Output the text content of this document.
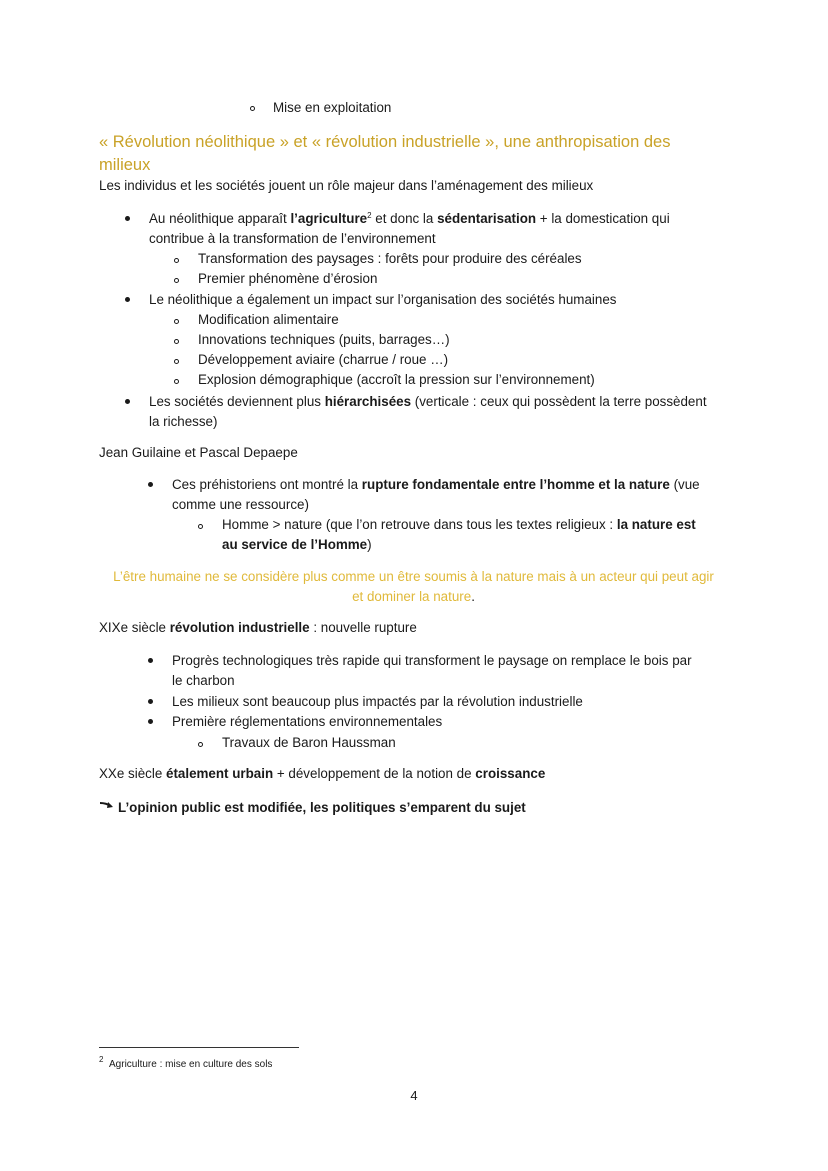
Mise en exploitation
« Révolution néolithique » et « révolution industrielle », une anthropisation des
milieux
Les individus et les sociétés jouent un rôle majeur dans l’aménagement des milieux
Au néolithique apparaît l’agriculture$^2$ et donc la sédentarisation + la domestication qui
contribue à la transformation de l’environnement
Transformation des paysages : forêts pour produire des céréales
Premier phénomène d’érosion
Le néolithique a également un impact sur l’organisation des sociétés humaines
Modification alimentaire
Innovations techniques (puits, barrages…)
Développement aviaire (charrue / roue …)
Explosion démographique (accroît la pression sur l’environnement)
Les sociétés deviennent plus hiérarchisées (verticale : ceux qui possèdent la terre possèdent
la richesse)
Jean Guilaine et Pascal Depaepe
Ces préhistoriens ont montré la rupture fondamentale entre l’homme et la nature (vue
comme une ressource)
Homme > nature (que l’on retrouve dans tous les textes religieux : la nature est
au service de l’Homme)
L’être humaine ne se considère plus comme un être soumis à la nature mais à un acteur qui peut agir
et dominer la nature.
XIXe siècle révolution industrielle : nouvelle rupture
Progrès technologiques très rapide qui transforment le paysage on remplace le bois par
le charbon
Les milieux sont beaucoup plus impactés par la révolution industrielle
Première réglementations environnementales
Travaux de Baron Haussman
XXe siècle étalement urbain + développement de la notion de croissance
L’opinion public est modifiée, les politiques s’emparent du sujet
$^2$ Agriculture : mise en culture des sols
4
